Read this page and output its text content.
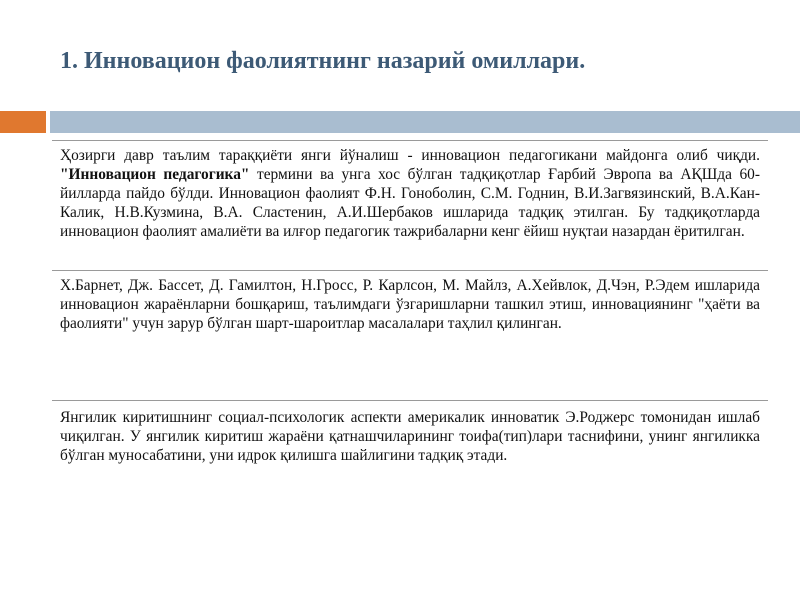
1. Инновацион фаолиятнинг назарий омиллари.
Ҳозирги давр таълим тараққиёти янги йўналиш - инновацион педагогикани майдонга олиб чиқди. "Инновацион педагогика" термини ва унга хос бўлган тадқиқотлар Ғарбий Эвропа ва АҚШда 60-йилларда пайдо бўлди. Инновацион фаолият Ф.Н. Гоноболин, С.М. Годнин, В.И.Загвязинский, В.А.Кан-Калик, Н.В.Кузмина, В.А. Сластенин, А.И.Шербаков ишларида тадқиқ этилган. Бу тадқиқотларда инновацион фаолият амалиёти ва илғор педагогик тажрибаларни кенг ёйиш нуқтаи назардан ёритилган.
Х.Барнет, Дж. Бассет, Д. Гамилтон, Н.Гросс, Р. Карлсон, М. Майлз, А.Хейвлок, Д.Чэн, Р.Эдем ишларида инновацион жараёнларни бошқариш, таълимдаги ўзгаришларни ташкил этиш, инновациянинг "ҳаёти ва фаолияти" учун зарур бўлган шарт-шароитлар масалалари таҳлил қилинган.
Янгилик киритишнинг социал-психологик аспекти америкалик инноватик Э.Роджерс томонидан ишлаб чиқилган. У янгилик киритиш жараёни қатнашчиларининг тоифа(тип)лари таснифини, унинг янгиликка бўлган муносабатини, уни идрок қилишга шайлигини тадқиқ этади.
